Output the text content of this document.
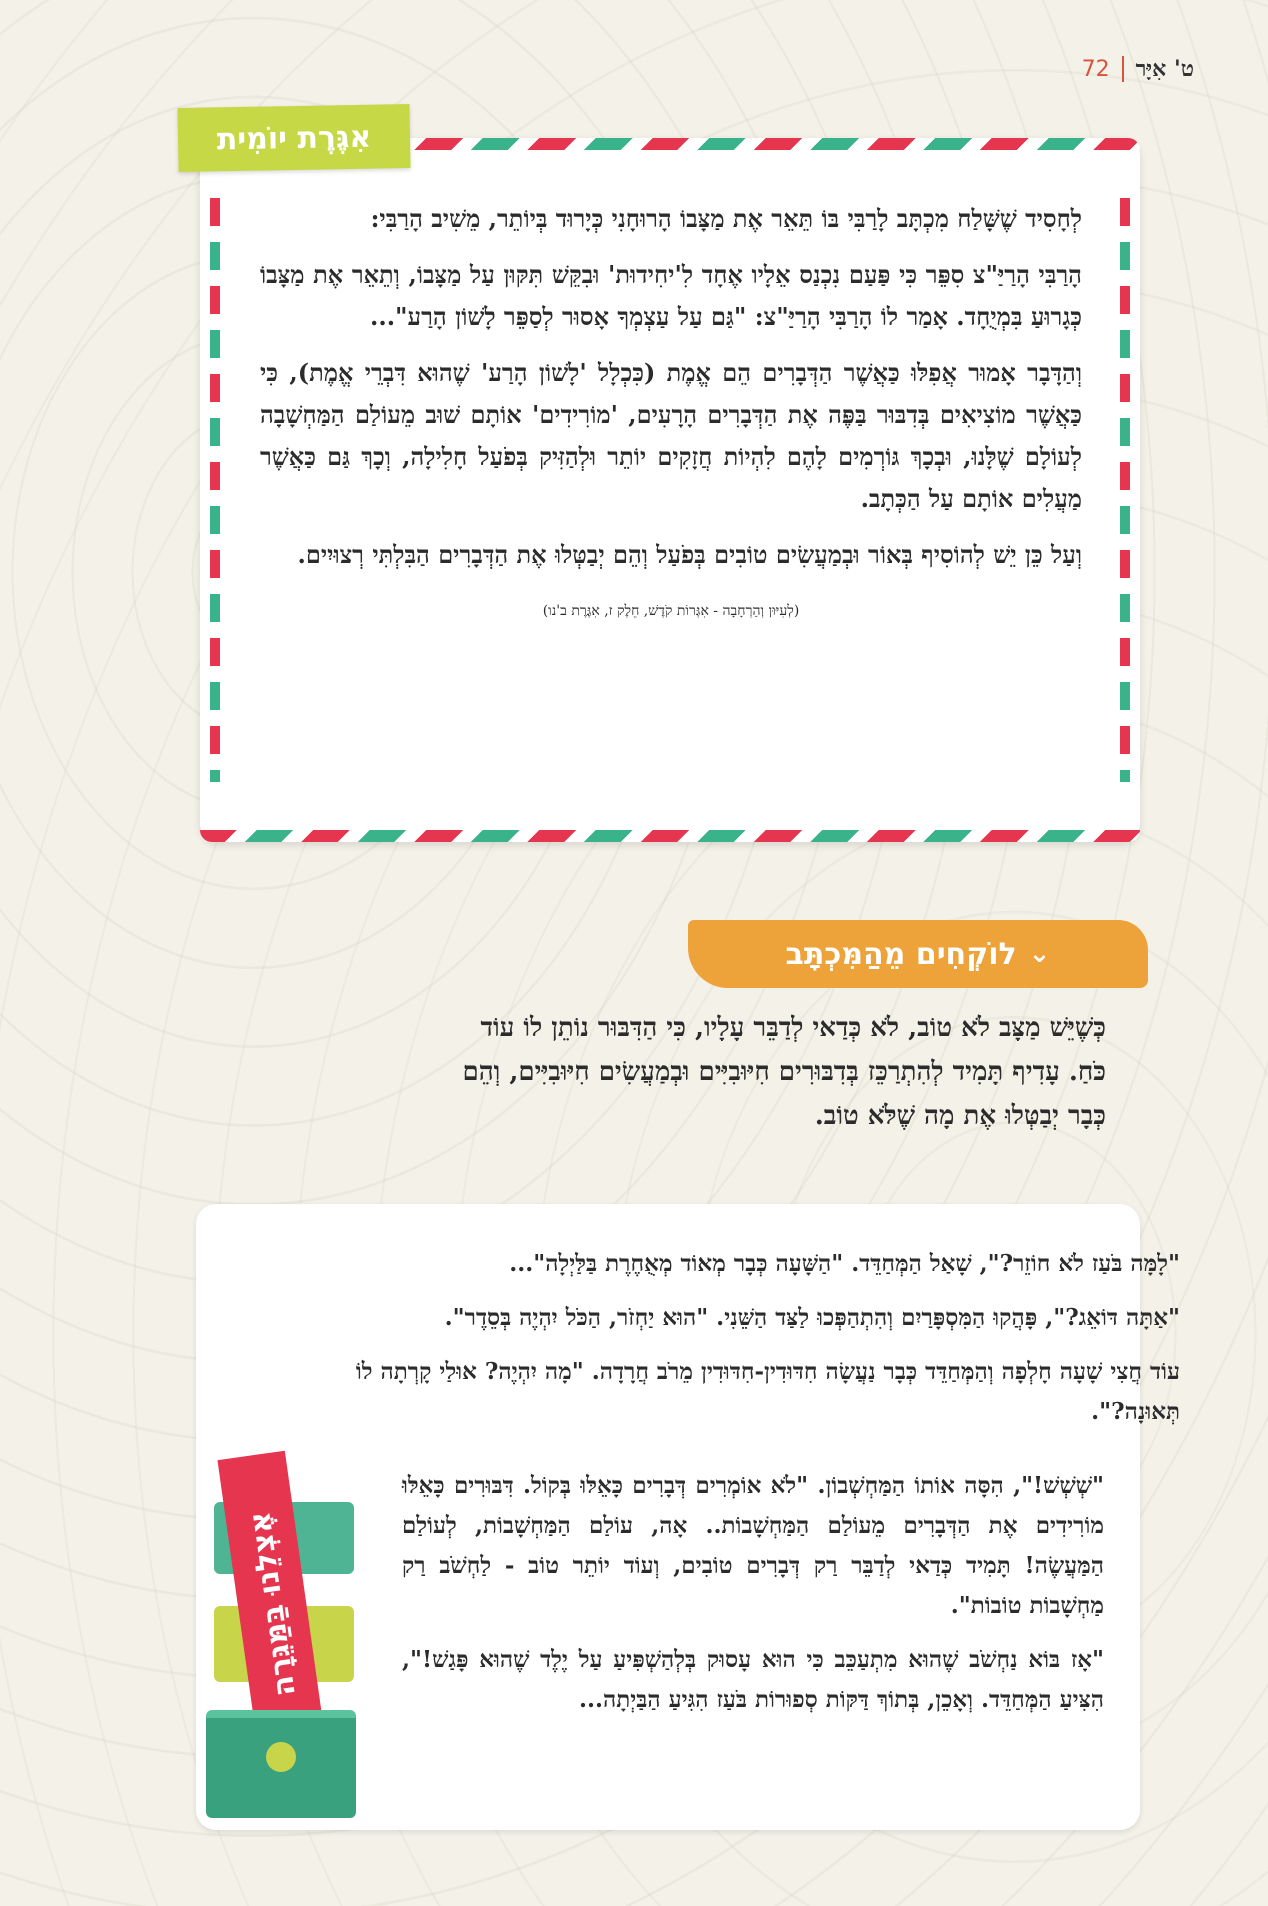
72 ט' אִיָּר

לְחָסִיד שֶׁשָּׁלַח מִכְתָּב לָרַבִּי בּוֹ תֵּאֵר אֶת מַצָּבוֹ הָרוּחָנִי כְּיָרוּד בְּיוֹתֵר, מֵשִׁיב הָרַבִּי:

הָרַבִּי הָרַיַּ"צ סִפֵּר כִּי פַּעַם נִכְנַס אֵלָיו אֶחָד לִ'יחִידוּת' וּבִקֵּשׁ תִּקּוּן עַל מַצָּבוֹ, וְתֵאֵר אֶת מַצָּבוֹ כְּגָרוּעַ בִּמְיֻחָד. אָמַר לוֹ הָרַבִּי הָרַיַּ"צ: "גַּם עַל עַצְמְךָ אָסוּר לְסַפֵּר לָשׁוֹן הָרַע"...

וְהַדָּבָר אָמוּר אֲפִלּוּ כַּאֲשֶׁר הַדְּבָרִים הֵם אֱמֶת (כִּכְלָל 'לָשׁוֹן הָרַע' שֶׁהוּא דִּבְרֵי אֱמֶת), כִּי כַּאֲשֶׁר מוֹצִיאִים בְּדִבּוּר בַּפֶּה אֶת הַדְּבָרִים הָרָעִים, 'מוֹרִידִים' אוֹתָם שׁוּב מֵעוֹלַם הַמַּחְשָׁבָה לְעוֹלָם שֶׁלָּנוּ, וּבְכָךְ גּוֹרְמִים לָהֶם לִהְיוֹת חֲזָקִים יוֹתֵר וּלְהַזִּיק בְּפֹעַל חָלִילָה, וְכָךְ גַּם כַּאֲשֶׁר מַעֲלִים אוֹתָם עַל הַכְּתָב.

וְעַל כֵּן יֵשׁ לְהוֹסִיף בְּאוֹר וּבְמַעֲשִׂים טוֹבִים בְּפֹעַל וְהֵם יְבַטְּלוּ אֶת הַדְּבָרִים הַבִּלְתִּי רְצוּיִים.

(לְעִיּוּן וְהַרְחָבָה - אִגְּרוֹת קֹדֶשׁ, חֵלֶק ז, אִגֶּרֶת ב'נו)
אִגֶּרֶת יוֹמִית
⌄
לוֹקְחִים מֵהַמִּכְתָּב
כְּשֶׁיֵּשׁ מַצָּב לֹא טוֹב, לֹא כְּדַאי לְדַבֵּר עָלָיו, כִּי הַדִּבּוּר נוֹתֵן לוֹ עוֹד כֹּחַ. עָדִיף תָּמִיד לְהִתְרַכֵּז בְּדִבּוּרִים חִיּוּבִיִּים וּבְמַעֲשִׂים חִיּוּבִיִּים, וְהֵם כְּבָר יְבַטְּלוּ אֶת מָה שֶׁלֹּא טוֹב.

"לָמָּה בֹּעַז לֹא חוֹזֵר?", שָׁאַל הַמְּחַדֵּד. "הַשָּׁעָה כְּבָר מְאוֹד מְאֻחֶרֶת בַּלַּיְלָה"...

"אַתָּה דּוֹאֵג?", פָּהֲקוּ הַמִּסְפָּרַיִם וְהִתְהַפְּכוּ לַצַּד הַשֵּׁנִי. "הוּא יַחְזֹר, הַכֹּל יִהְיֶה בְּסֵדֶר".

עוֹד חֲצִי שָׁעָה חָלְפָה וְהַמְּחַדֵּד כְּבָר נַעֲשָׂה חִדּוּדִין-חִדּוּדִין מֵרֹב חֲרָדָה. "מָה יִהְיֶה? אוּלַי קָרְתָה לוֹ תְּאוּנָה?".

"שְׁשְׁשׁ!", הִסָּה אוֹתוֹ הַמַּחְשְׁבוֹן. "לֹא אוֹמְרִים דְּבָרִים כָּאֵלּוּ בְּקוֹל. דִּבּוּרִים כָּאֵלּוּ מוֹרִידִים אֶת הַדְּבָרִים מֵעוֹלַם הַמַּחְשָׁבוֹת.. אָה, עוֹלַם הַמַּחְשָׁבוֹת, לְעוֹלַם הַמַּעֲשֶׂה! תָּמִיד כְּדַאי לְדַבֵּר רַק דְּבָרִים טוֹבִים, וְעוֹד יוֹתֵר טוֹב - לַחְשֹׁב רַק מַחְשָׁבוֹת טוֹבוֹת".

"אָז בּוֹא נַחְשֹׁב שֶׁהוּא מִתְעַכֵּב כִּי הוּא עָסוּק בְּלְהַשְׁפִּיעַ עַל יֶלֶד שֶׁהוּא פָּגַשׁ!", הִצִּיעַ הַמְּחַדֵּד. וְאָכֵן, בְּתוֹךְ דַּקּוֹת סְפוּרוֹת בֹּעַז הִגִּיעַ הַבַּיְתָה...

אֶצְלֵנוּ בַּמַּגֵּרָה
